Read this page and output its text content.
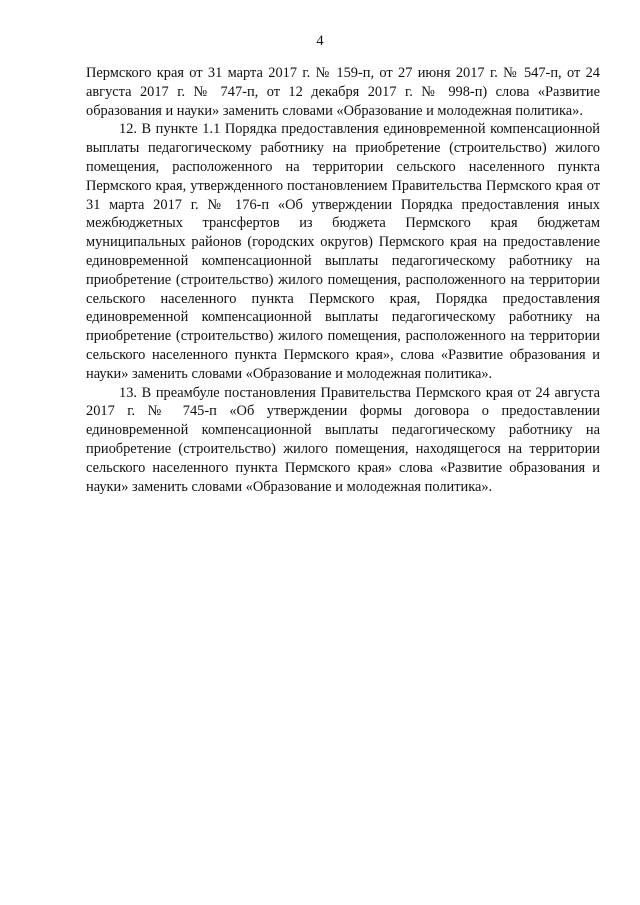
4

Пермского края от 31 марта 2017 г. № 159-п, от 27 июня 2017 г. № 547-п, от 24 августа 2017 г. № 747-п, от 12 декабря 2017 г. № 998-п) слова «Развитие образования и науки» заменить словами «Образование и молодежная политика».

12. В пункте 1.1 Порядка предоставления единовременной компенсационной выплаты педагогическому работнику на приобретение (строительство) жилого помещения, расположенного на территории сельского населенного пункта Пермского края, утвержденного постановлением Правительства Пермского края от 31 марта 2017 г. № 176-п «Об утверждении Порядка предоставления иных межбюджетных трансфертов из бюджета Пермского края бюджетам муниципальных районов (городских округов) Пермского края на предоставление единовременной компенсационной выплаты педагогическому работнику на приобретение (строительство) жилого помещения, расположенного на территории сельского населенного пункта Пермского края, Порядка предоставления единовременной компенсационной выплаты педагогическому работнику на приобретение (строительство) жилого помещения, расположенного на территории сельского населенного пункта Пермского края», слова «Развитие образования и науки» заменить словами «Образование и молодежная политика».

13. В преамбуле постановления Правительства Пермского края от 24 августа 2017 г. № 745-п «Об утверждении формы договора о предоставлении единовременной компенсационной выплаты педагогическому работнику на приобретение (строительство) жилого помещения, находящегося на территории сельского населенного пункта Пермского края» слова «Развитие образования и науки» заменить словами «Образование и молодежная политика».
